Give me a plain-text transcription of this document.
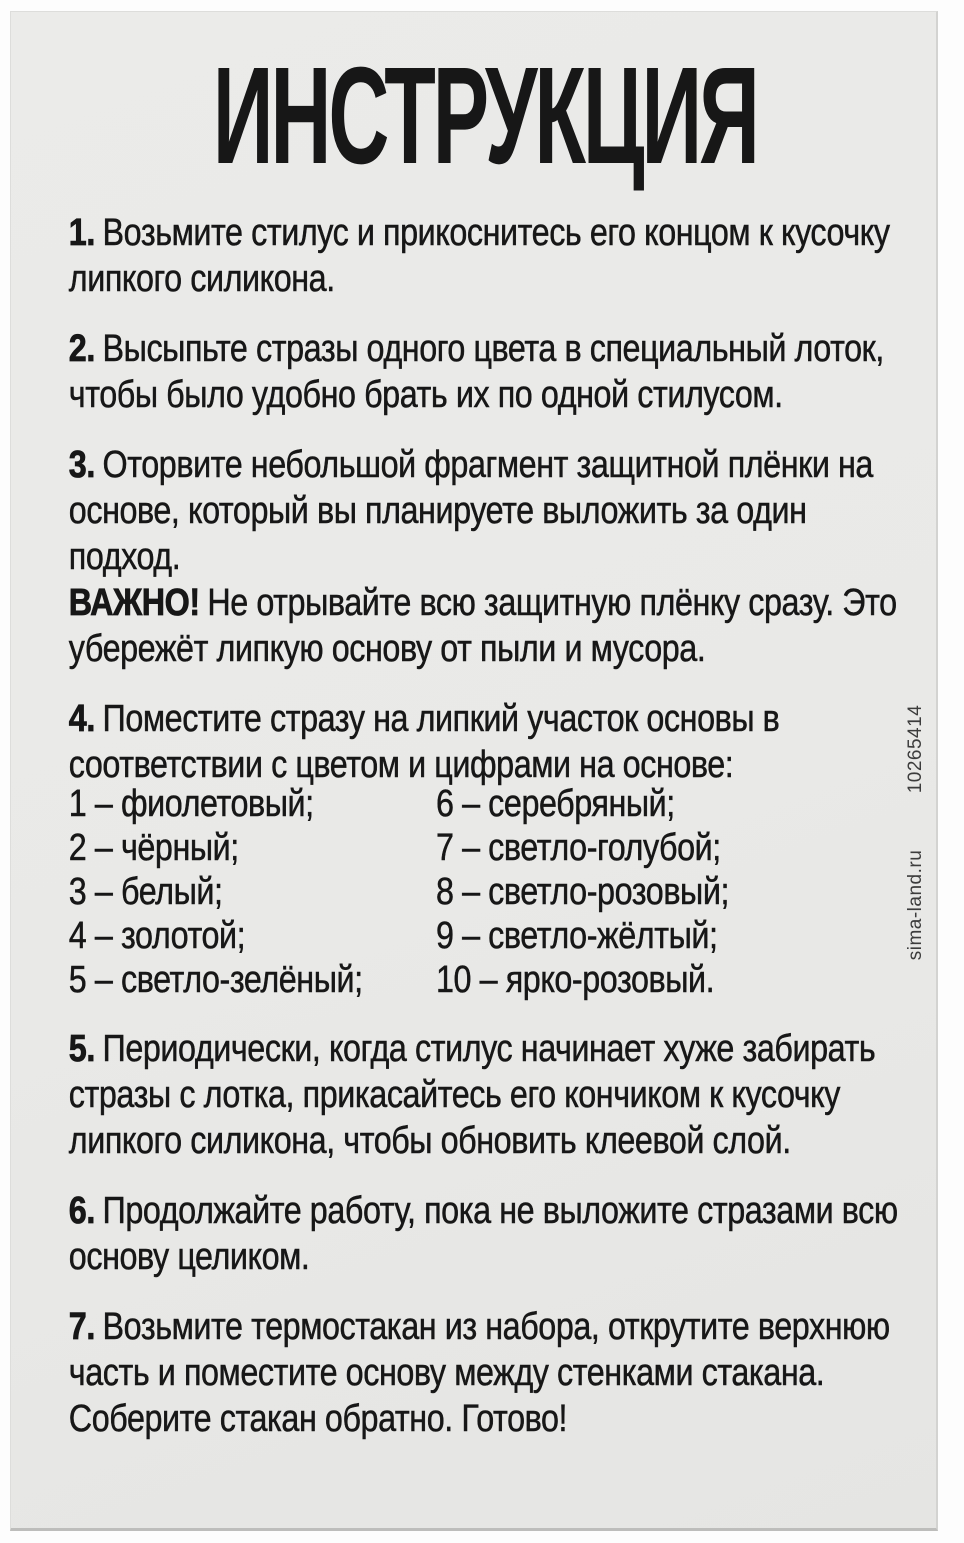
ИНСТРУКЦИЯ

1. Возьмите стилус и прикоснитесь его концом к кусочку липкого силикона.

2. Высыпьте стразы одного цвета в специальный лоток, чтобы было удобно брать их по одной стилусом.

3. Оторвите небольшой фрагмент защитной плёнки на основе, который вы планируете выложить за один подход.

ВАЖНО! Не отрывайте всю защитную плёнку сразу. Это убережёт липкую основу от пыли и мусора.

4. Поместите стразу на липкий участок основы в соответствии с цветом и цифрами на основе:

1 – фиолетовый;
2 – чёрный;
3 – белый;
4 – золотой;
5 – светло-зелёный;
6 – серебряный;
7 – светло-голубой;
8 – светло-розовый;
9 – светло-жёлтый;
10 – ярко-розовый.

5. Периодически, когда стилус начинает хуже забирать стразы с лотка, прикасайтесь его кончиком к кусочку липкого силикона, чтобы обновить клеевой слой.

6. Продолжайте работу, пока не выложите стразами всю основу целиком.

7. Возьмите термостакан из набора, открутите верхнюю часть и поместите основу между стенками стакана. Соберите стакан обратно. Готово!

10265414
sima-land.ru
